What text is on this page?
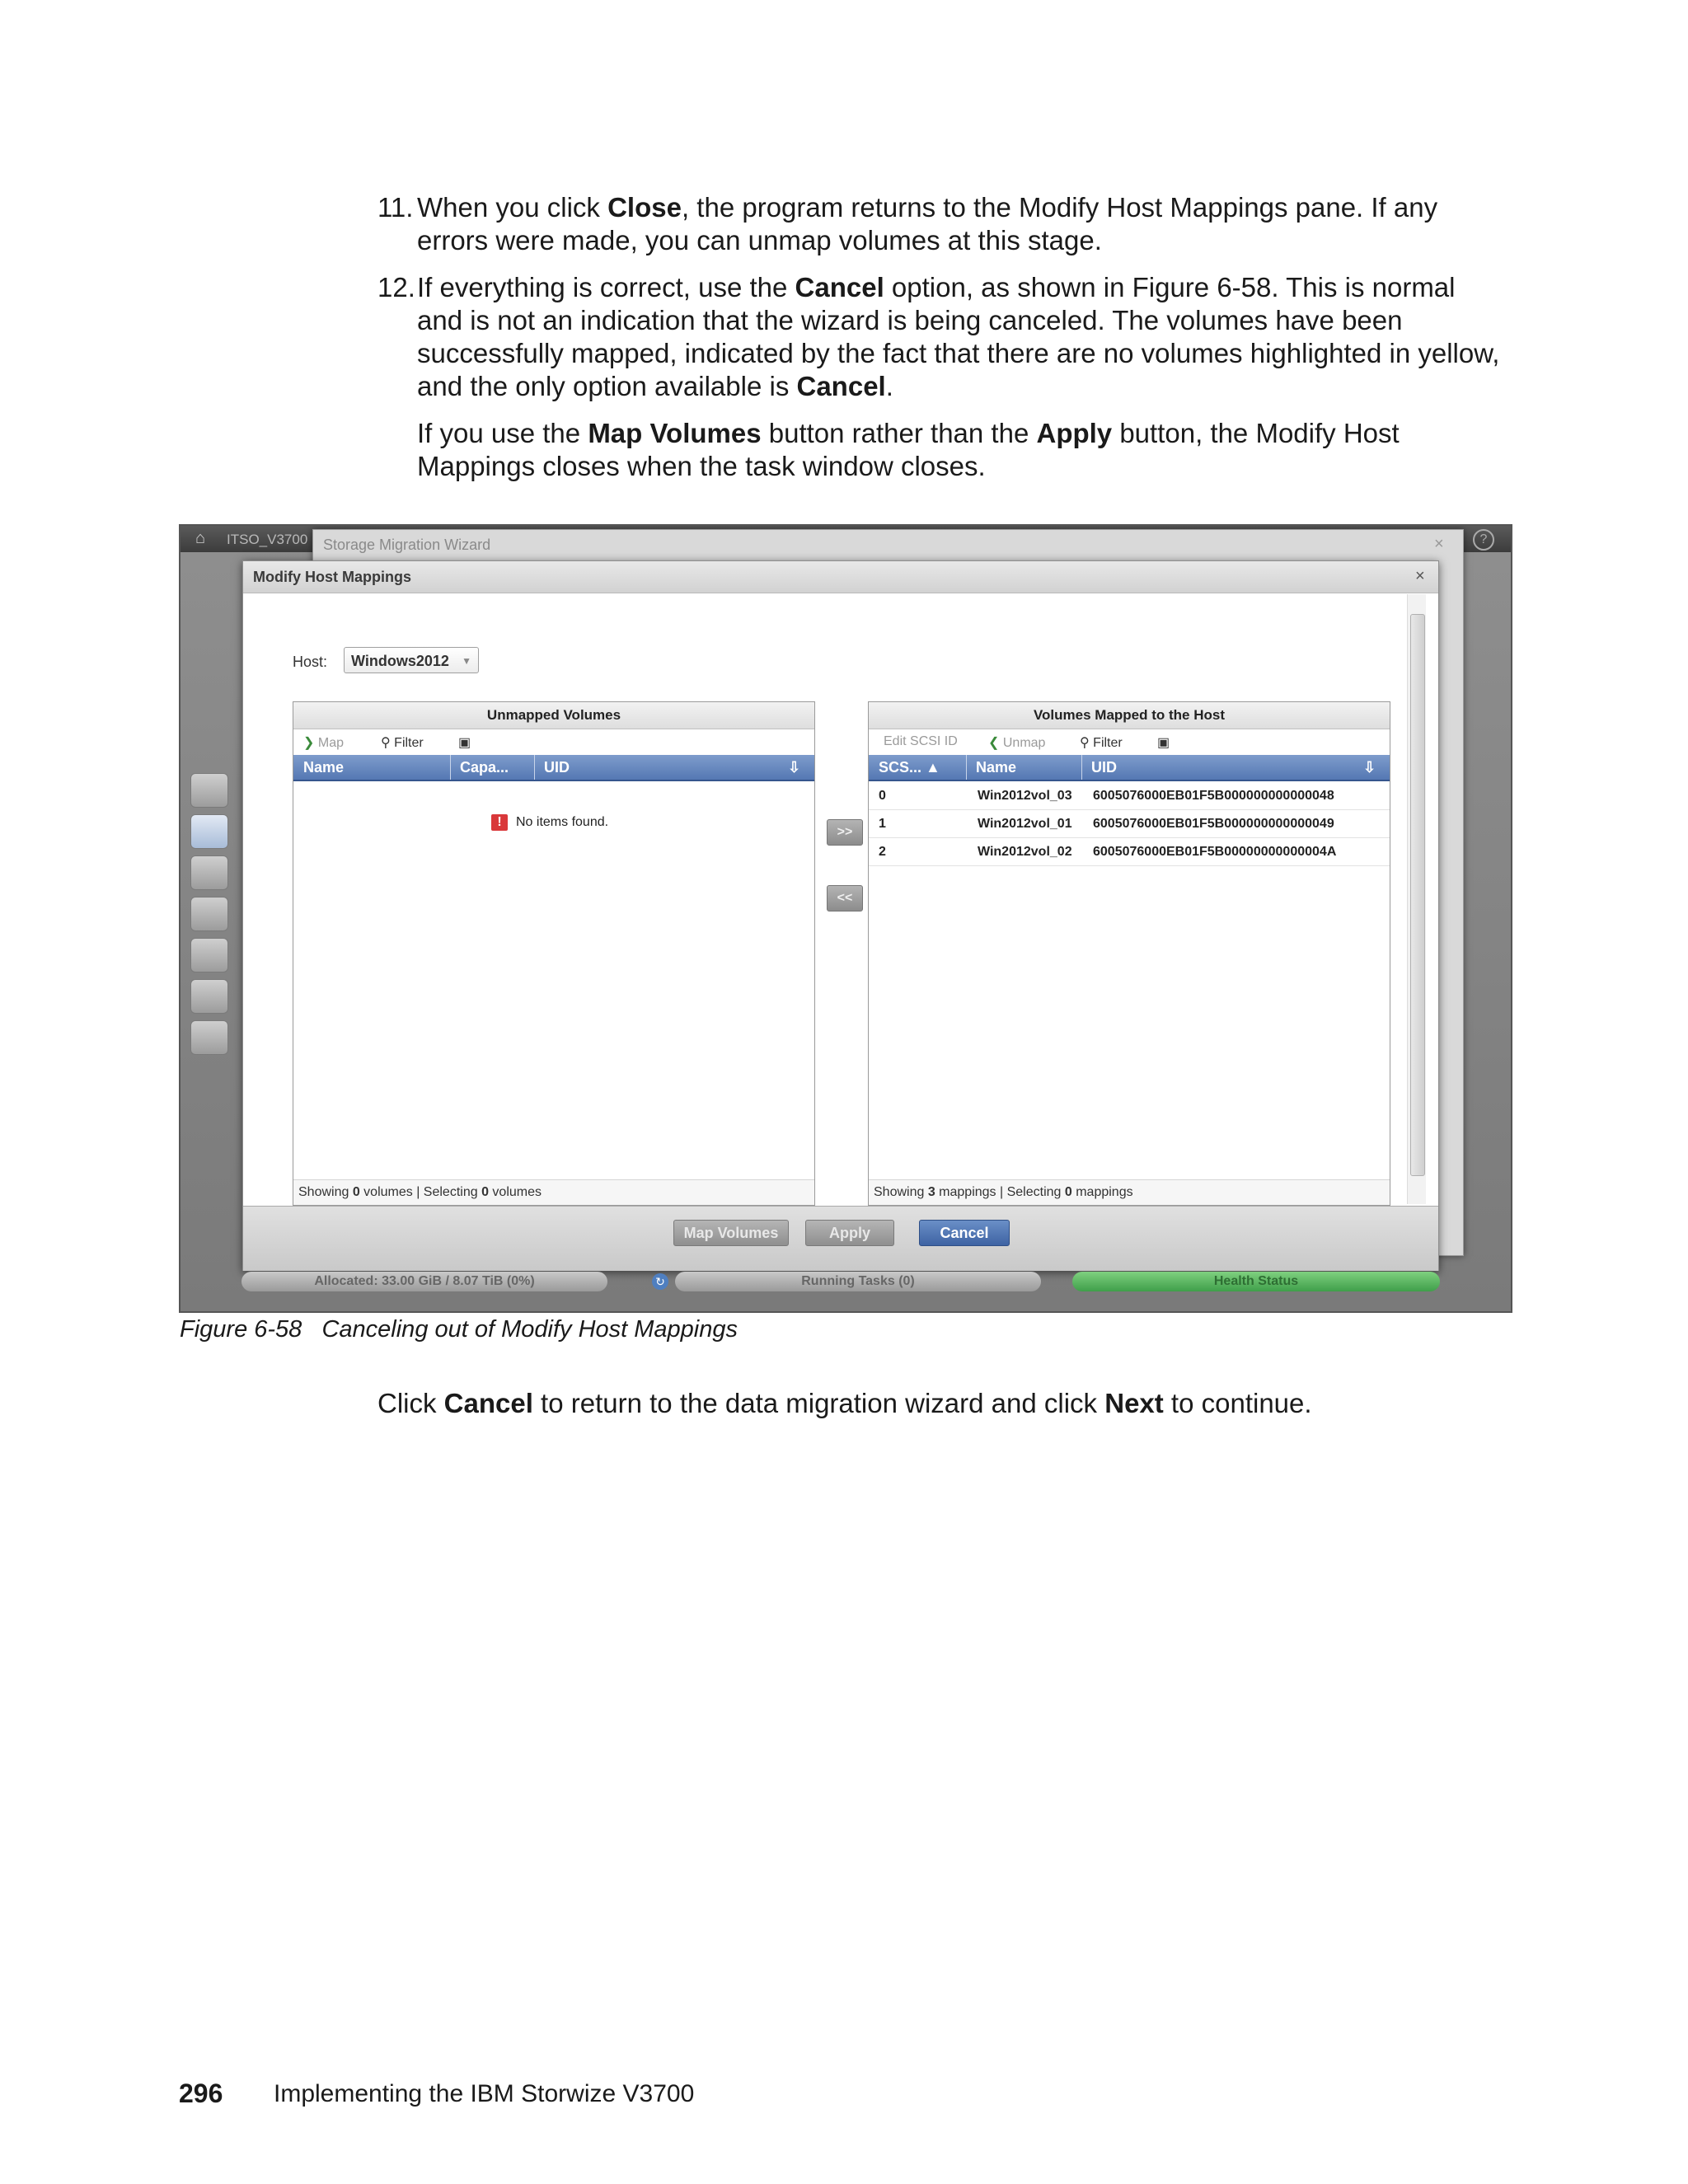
11. When you click Close, the program returns to the Modify Host Mappings pane. If any
errors were made, you can unmap volumes at this stage.
12. If everything is correct, use the Cancel option, as shown in Figure 6-58. This is normal
and is not an indication that the wizard is being canceled. The volumes have been
successfully mapped, indicated by the fact that there are no volumes highlighted in yellow,
and the only option available is Cancel.
If you use the Map Volumes button rather than the Apply button, the Modify Host
Mappings closes when the task window closes.
⌂ ITSO_V3700	?
Storage Migration Wizard	×
Modify Host Mappings	×
Host:	Windows2012 ▼
Unmapped Volumes
❯ Map	⚲ Filter	▣
Name	Capa... UID	⇩
! No items found.
Showing 0 volumes | Selecting 0 volumes
>>
<<
Volumes Mapped to the Host
Edit SCSI ID ❮ Unmap	⚲ Filter	▣
SCS... ▲ Name	UID	⇩
0	Win2012vol_03 6005076000EB01F5B000000000000048
1	Win2012vol_01 6005076000EB01F5B000000000000049
2	Win2012vol_02 6005076000EB01F5B00000000000004A
Showing 3 mappings | Selecting 0 mappings
Map Volumes	Apply	Cancel
Allocated: 33.00 GiB / 8.07 TiB (0%)	↻	Running Tasks (0)	Health Status
Figure 6-58   Canceling out of Modify Host Mappings
Click Cancel to return to the data migration wizard and click Next to continue.
296 Implementing the IBM Storwize V3700
